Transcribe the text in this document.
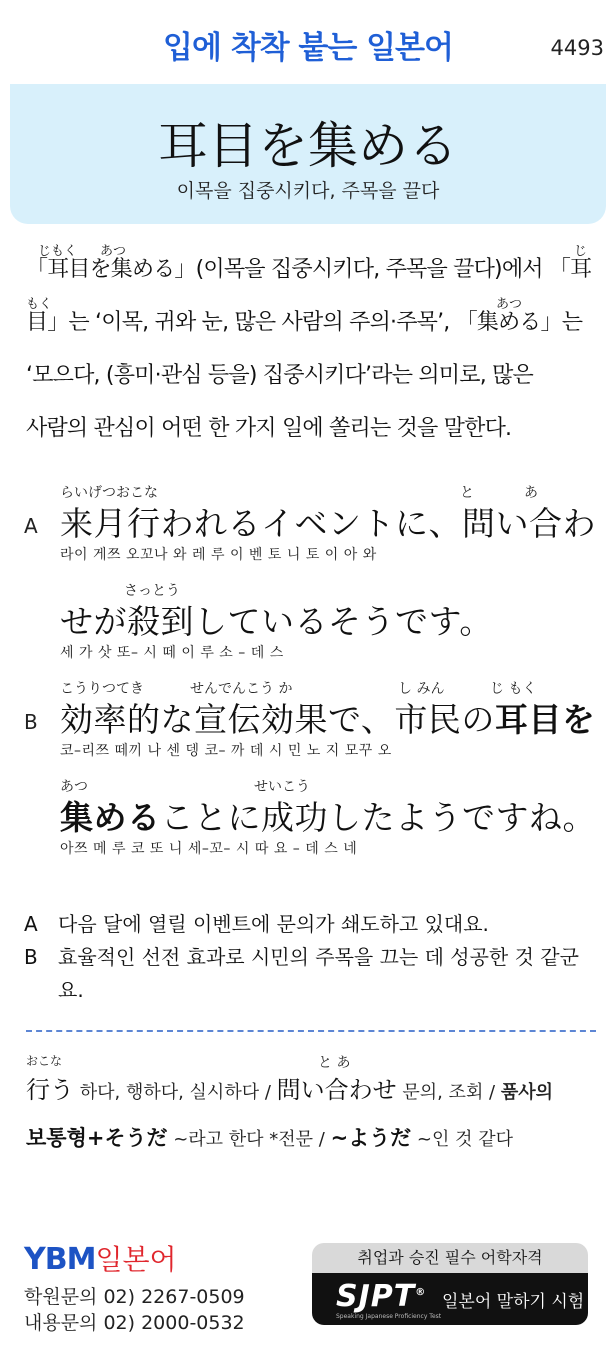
입에 착착 붙는 일본어	4493
耳目を集める
이목을 집중시키다, 주목을 끌다
じもく あつ	じ
「耳目を集める」(이목을 집중시키다, 주목을 끌다)에서 「耳
もく	あつ
目」는 ‘이목, 귀와 눈, 많은 사람의 주의·주목’, 「集める」는
‘모으다, (흥미·관심 등을) 집중시키다’라는 의미로, 많은
사람의 관심이 어떤 한 가지 일에 쏠리는 것을 말한다.
A
らいげつおこな	と	あ
来月行われるイベントに、問い合わ
라이 게쯔 오꼬나 와 레 루 이 벤 토 니 토 이 아 와
さっとう
せが殺到しているそうです。
세 가 삿 또– 시 떼 이 루 소 – 데 스
B
こうりつてき	せんでんこう か	し みん	じ もく
効率的な宣伝効果で、市民の耳目を
코–리쯔 떼끼 나 센 뎅 코– 까 데 시 민 노 지 모꾸 오
あつ	せいこう
集めることに成功したようですね。
아쯔 메 루 코 또 니 세–꼬– 시 따 요 – 데 스 네
A 다음 달에 열릴 이벤트에 문의가 쇄도하고 있대요.
B 효율적인 선전 효과로 시민의 주목을 끄는 데 성공한 것 같군요.
おこな	と あ
行う 하다, 행하다, 실시하다 / 問い合わせ 문의, 조회 / 품사의
보통형+そうだ ~라고 한다 *전문 / ~ようだ ~인 것 같다
YBM일본어
학원문의 02) 2267-0509
내용문의 02) 2000-0532
취업과 승진 필수 어학자격
SJPT®
Speaking Japanese Proficiency Test
일본어 말하기 시험
